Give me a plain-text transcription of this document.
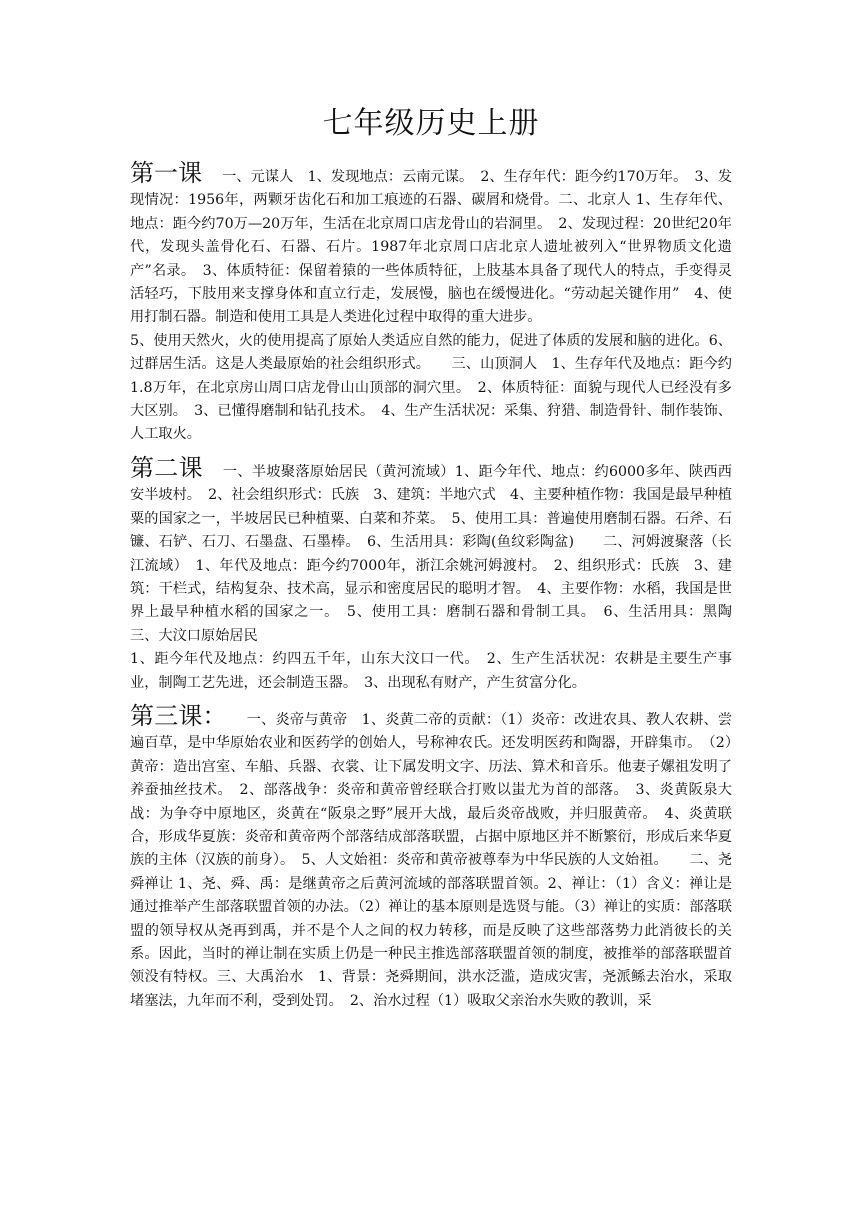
七年级历史上册

第一课 一、元谋人　1、发现地点：云南元谋。　2、生存年代：距今约170万年。　3、发现情况：1956年，两颗牙齿化石和加工痕迹的石器、碳屑和烧骨。二、北京人 1、生存年代、地点：距今约70万—20万年，生活在北京周口店龙骨山的岩洞里。　2、发现过程：20世纪20年代，发现头盖骨化石、石器、石片。1987年北京周口店北京人遗址被列入“世界物质文化遗产”名录。　3、体质特征：保留着猿的一些体质特征，上肢基本具备了现代人的特点，手变得灵活轻巧，下肢用来支撑身体和直立行走，发展慢，脑也在缓慢进化。“劳动起关键作用”　4、使用打制石器。制造和使用工具是人类进化过程中取得的重大进步。

5、使用天然火，火的使用提高了原始人类适应自然的能力，促进了体质的发展和脑的进化。6、过群居生活。这是人类最原始的社会组织形式。　　三、山顶洞人　1、生存年代及地点：距今约1.8万年，在北京房山周口店龙骨山山顶部的洞穴里。　2、体质特征：面貌与现代人已经没有多大区别。　3、已懂得磨制和钻孔技术。　4、生产生活状况：采集、狩猎、制造骨针、制作装饰、人工取火。

第二课 一、半坡聚落原始居民（黄河流域）1、距今年代、地点：约6000多年、陕西西安半坡村。　2、社会组织形式：氏族　3、建筑：半地穴式　4、主要种植作物：我国是最早种植粟的国家之一，半坡居民已种植粟、白菜和芥菜。　5、使用工具：普遍使用磨制石器。石斧、石镰、石铲、石刀、石墨盘、石墨棒。　6、生活用具：彩陶(鱼纹彩陶盆)　　二、河姆渡聚落（长江流域）　1、年代及地点：距今约7000年，浙江余姚河姆渡村。　2、组织形式：氏族　3、建筑：干栏式，结构复杂、技术高，显示和密度居民的聪明才智。　4、主要作物：水稻，我国是世界上最早种植水稻的国家之一。　5、使用工具：磨制石器和骨制工具。　6、生活用具：黑陶　　三、大汶口原始居民

1、距今年代及地点：约四五千年，山东大汶口一代。　2、生产生活状况：农耕是主要生产事业，制陶工艺先进，还会制造玉器。　3、出现私有财产，产生贫富分化。

第三课： 一、炎帝与黄帝　1、炎黄二帝的贡献：（1）炎帝：改进农具、教人农耕、尝遍百草，是中华原始农业和医药学的创始人，号称神农氏。还发明医药和陶器，开辟集市。　（2）黄帝：造出宫室、车船、兵器、衣裳、让下属发明文字、历法、算术和音乐。他妻子嫘祖发明了养蚕抽丝技术。　2、部落战争：炎帝和黄帝曾经联合打败以蚩尤为首的部落。　3、炎黄阪泉大战：为争夺中原地区，炎黄在“阪泉之野”展开大战，最后炎帝战败，并归服黄帝。　4、炎黄联合，形成华夏族：炎帝和黄帝两个部落结成部落联盟，占据中原地区并不断繁衍，形成后来华夏族的主体（汉族的前身）。　5、人文始祖：炎帝和黄帝被尊奉为中华民族的人文始祖。　　二、尧舜禅让 1、尧、舜、禹：是继黄帝之后黄河流域的部落联盟首领。2、禅让：（1）含义：禅让是通过推举产生部落联盟首领的办法。（2）禅让的基本原则是选贤与能。（3）禅让的实质：部落联盟的领导权从尧再到禹，并不是个人之间的权力转移，而是反映了这些部落势力此消彼长的关系。因此，当时的禅让制在实质上仍是一种民主推选部落联盟首领的制度，被推举的部落联盟首领没有特权。三、大禹治水　1、背景：尧舜期间，洪水泛滥，造成灾害，尧派鲧去治水，采取堵塞法，九年而不利，受到处罚。　2、治水过程（1）吸取父亲治水失败的教训，采
